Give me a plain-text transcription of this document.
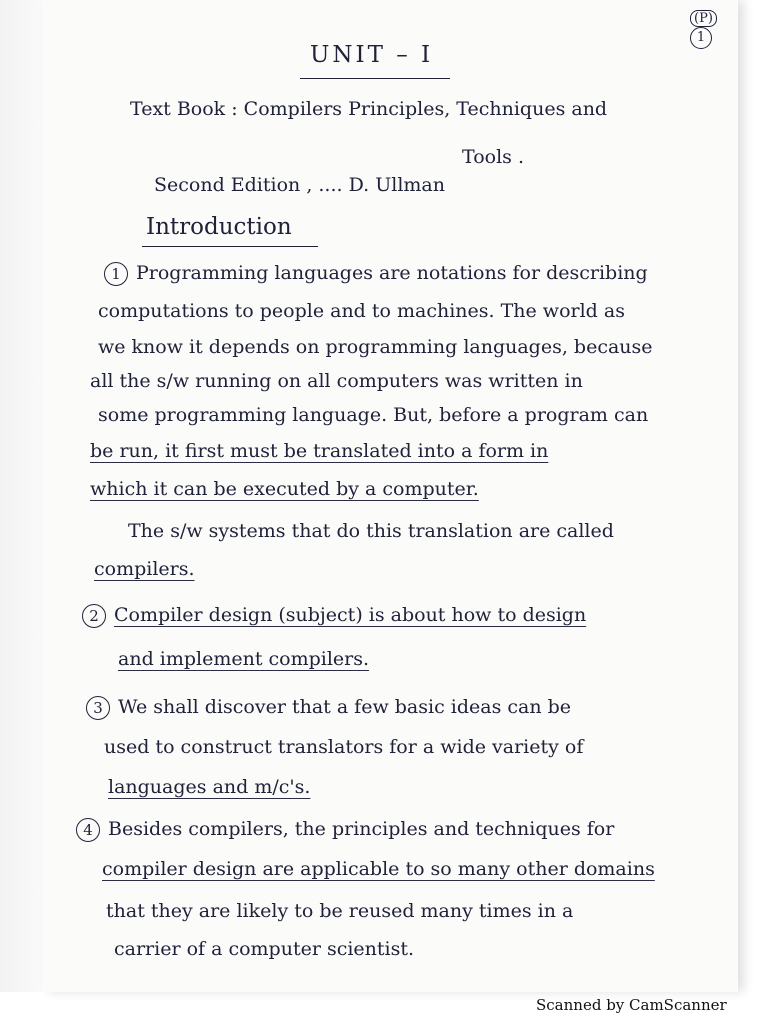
(P)1
UNIT – I
Text Book : Compilers Principles, Techniques and
Tools .
Second Edition , .... D. Ullman
Introduction
1 Programming languages are notations for describing
computations to people and to machines. The world as
we know it depends on programming languages, because
all the s/w running on all computers was written in
some programming language. But, before a program can
be run, it first must be translated into a form in
which it can be executed by a computer.
The s/w systems that do this translation are called
compilers.
2 Compiler design (subject) is about how to design
and implement compilers.
3 We shall discover that a few basic ideas can be
used to construct translators for a wide variety of
languages and m/c's.
4 Besides compilers, the principles and techniques for
compiler design are applicable to so many other domains
that they are likely to be reused many times in a
carrier of a computer scientist.
Scanned by CamScanner
